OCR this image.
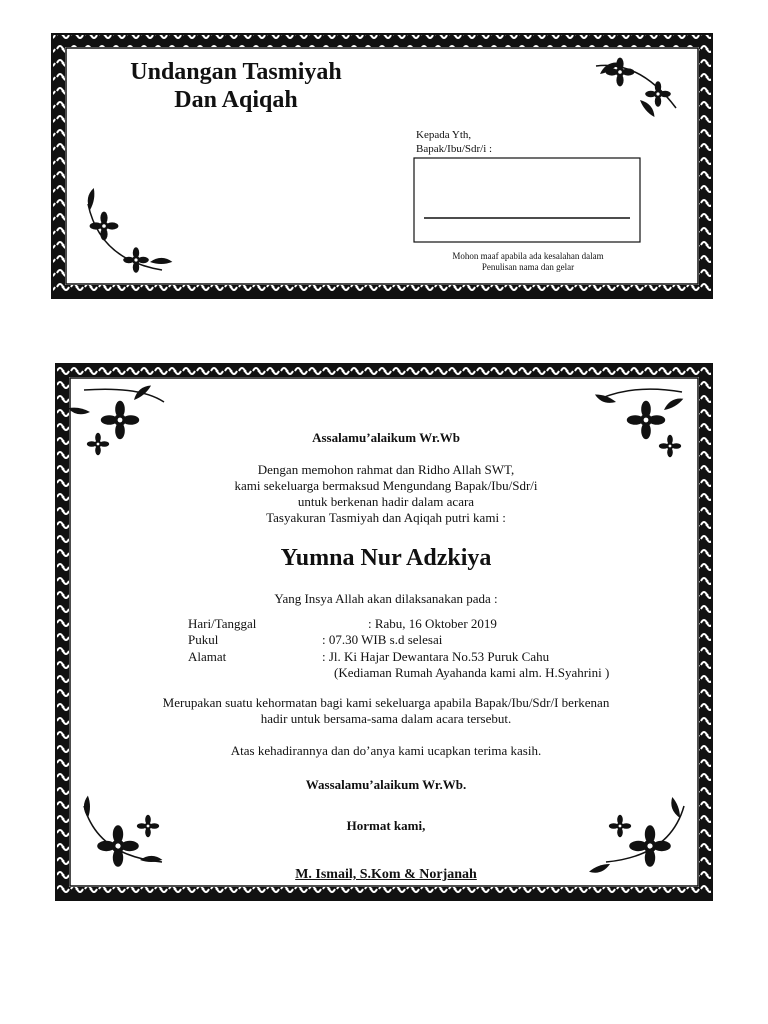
Undangan Tasmiyah
Dan Aqiqah
Kepada Yth,
Bapak/Ibu/Sdr/i :
Mohon maaf apabila ada kesalahan dalam
Penulisan nama dan gelar
Assalamu’alaikum Wr.Wb
Dengan memohon rahmat dan Ridho Allah SWT,
kami sekeluarga bermaksud Mengundang Bapak/Ibu/Sdr/i
untuk berkenan hadir dalam acara
Tasyakuran Tasmiyah dan Aqiqah putri kami :
Yumna Nur Adzkiya
Yang Insya Allah akan dilaksanakan pada :
Hari/Tanggal	: Rabu, 16 Oktober 2019
Pukul	: 07.30 WIB s.d selesai
Alamat	: Jl. Ki Hajar Dewantara No.53 Puruk Cahu
(Kediaman Rumah Ayahanda kami alm. H.Syahrini )
Merupakan suatu kehormatan bagi kami sekeluarga apabila Bapak/Ibu/Sdr/I berkenan
hadir untuk bersama-sama dalam acara tersebut.
Atas kehadirannya dan do’anya kami ucapkan terima kasih.
Wassalamu’alaikum Wr.Wb.
Hormat kami,
M. Ismail, S.Kom & Norjanah
